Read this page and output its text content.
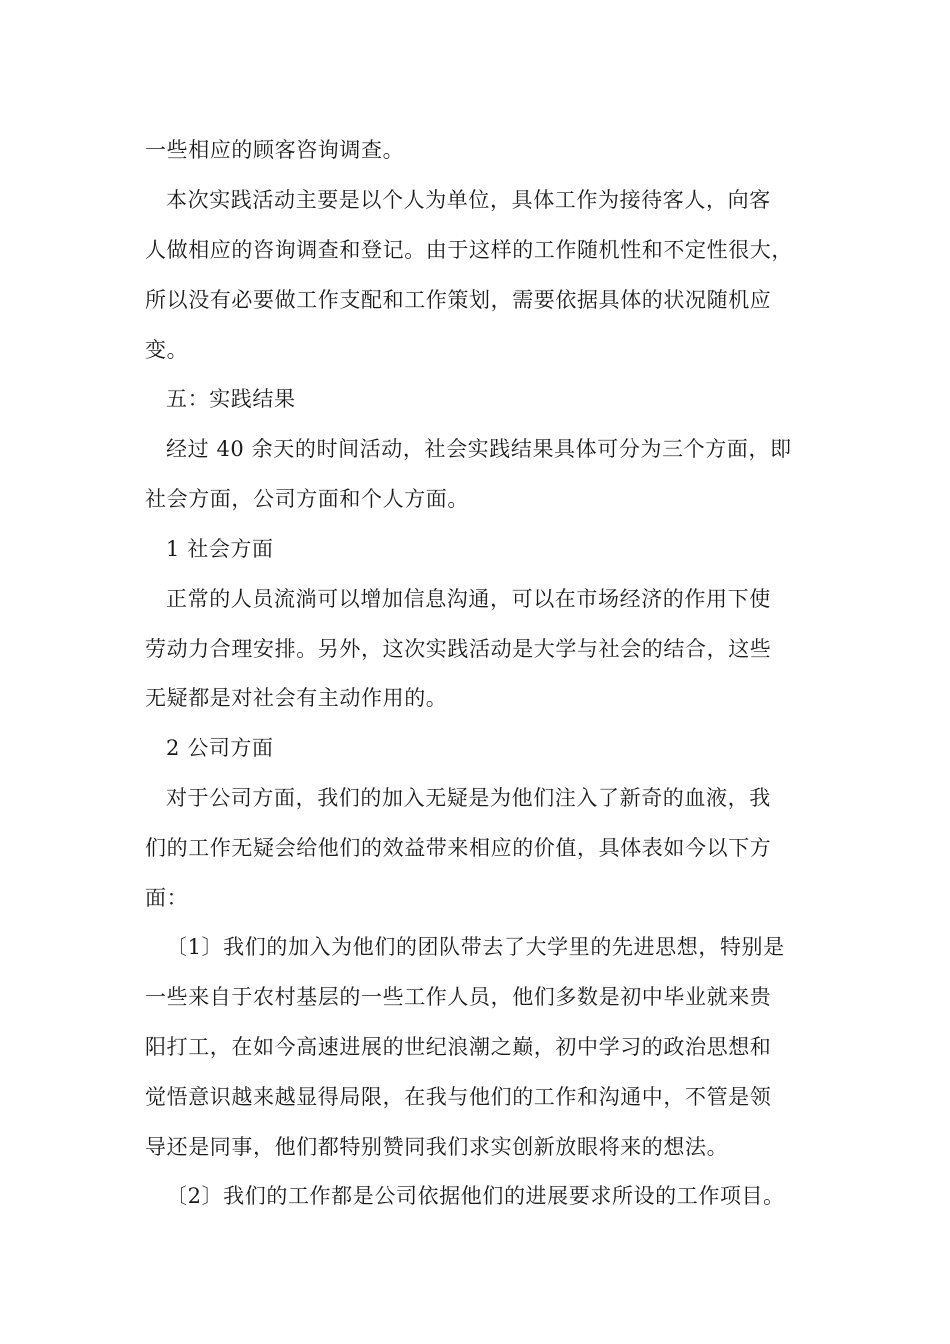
一些相应的顾客咨询调查。
本次实践活动主要是以个人为单位，具体工作为接待客人，向客
人做相应的咨询调查和登记。由于这样的工作随机性和不定性很大，
所以没有必要做工作支配和工作策划，需要依据具体的状况随机应
变。
五：实践结果
经过 40 余天的时间活动，社会实践结果具体可分为三个方面，即
社会方面，公司方面和个人方面。
1 社会方面
正常的人员流淌可以增加信息沟通，可以在市场经济的作用下使
劳动力合理安排。另外，这次实践活动是大学与社会的结合，这些
无疑都是对社会有主动作用的。
2 公司方面
对于公司方面，我们的加入无疑是为他们注入了新奇的血液，我
们的工作无疑会给他们的效益带来相应的价值，具体表如今以下方
面：
〔1〕我们的加入为他们的团队带去了大学里的先进思想，特别是
一些来自于农村基层的一些工作人员，他们多数是初中毕业就来贵
阳打工，在如今高速进展的世纪浪潮之巅，初中学习的政治思想和
觉悟意识越来越显得局限，在我与他们的工作和沟通中，不管是领
导还是同事，他们都特别赞同我们求实创新放眼将来的想法。
〔2〕我们的工作都是公司依据他们的进展要求所设的工作项目。
